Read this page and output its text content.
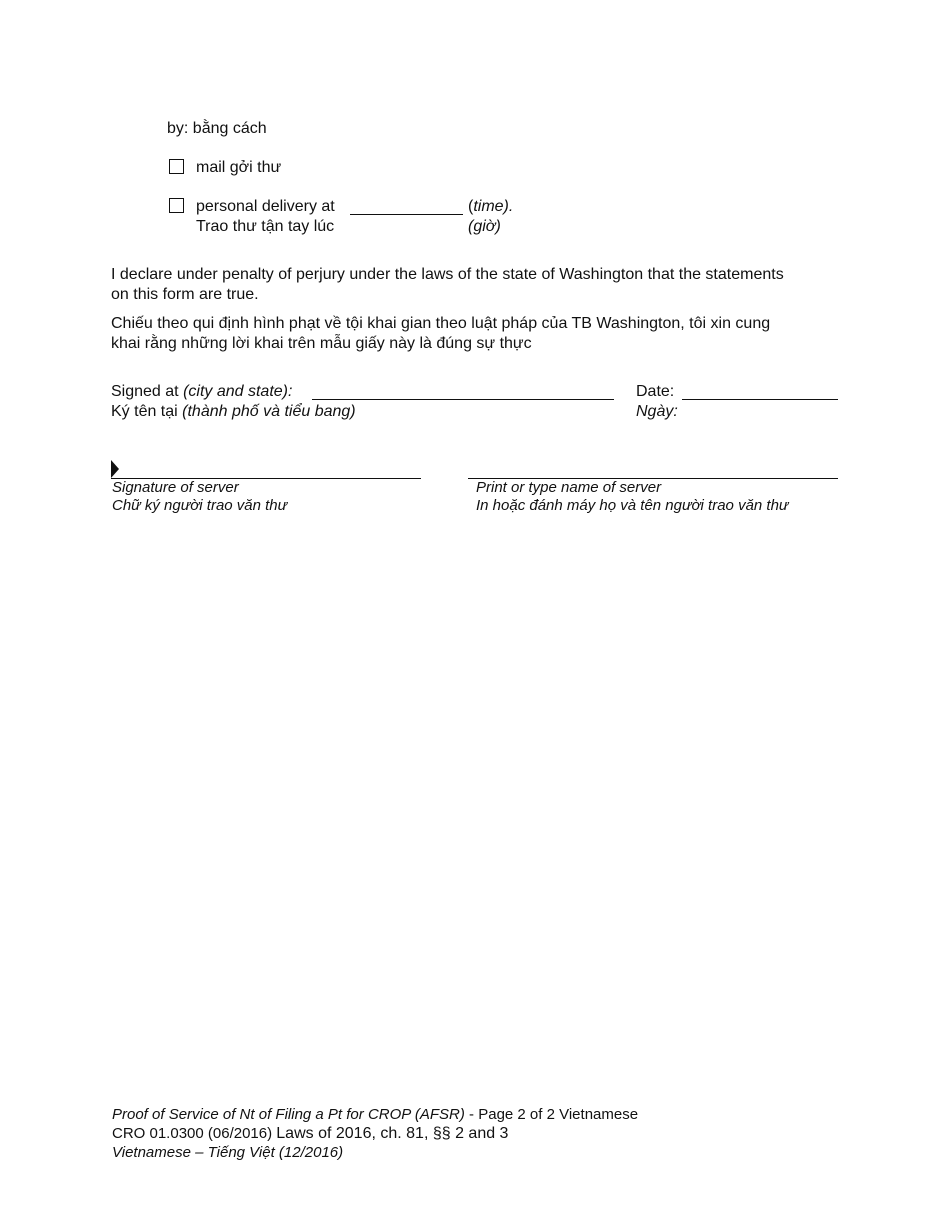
by: bằng cách
mail gởi thư
personal delivery at	(time).
Trao thư tận tay lúc	(giờ)
I declare under penalty of perjury under the laws of the state of Washington that the statements
on this form are true.
Chiếu theo qui định hình phạt về tội khai gian theo luật pháp của TB Washington, tôi xin cung
khai rằng những lời khai trên mẫu giấy này là đúng sự thực
Signed at (city and state):
Ký tên tại (thành phố và tiểu bang)
Date:
Ngày:
Signature of server
Chữ ký người trao văn thư
Print or type name of server
In hoặc đánh máy họ và tên người trao văn thư
Proof of Service of Nt of Filing a Pt for CROP (AFSR) - Page 2 of 2 Vietnamese
CRO 01.0300 (06/2016) Laws of 2016, ch. 81, §§ 2 and 3
Vietnamese – Tiếng Việt (12/2016)
